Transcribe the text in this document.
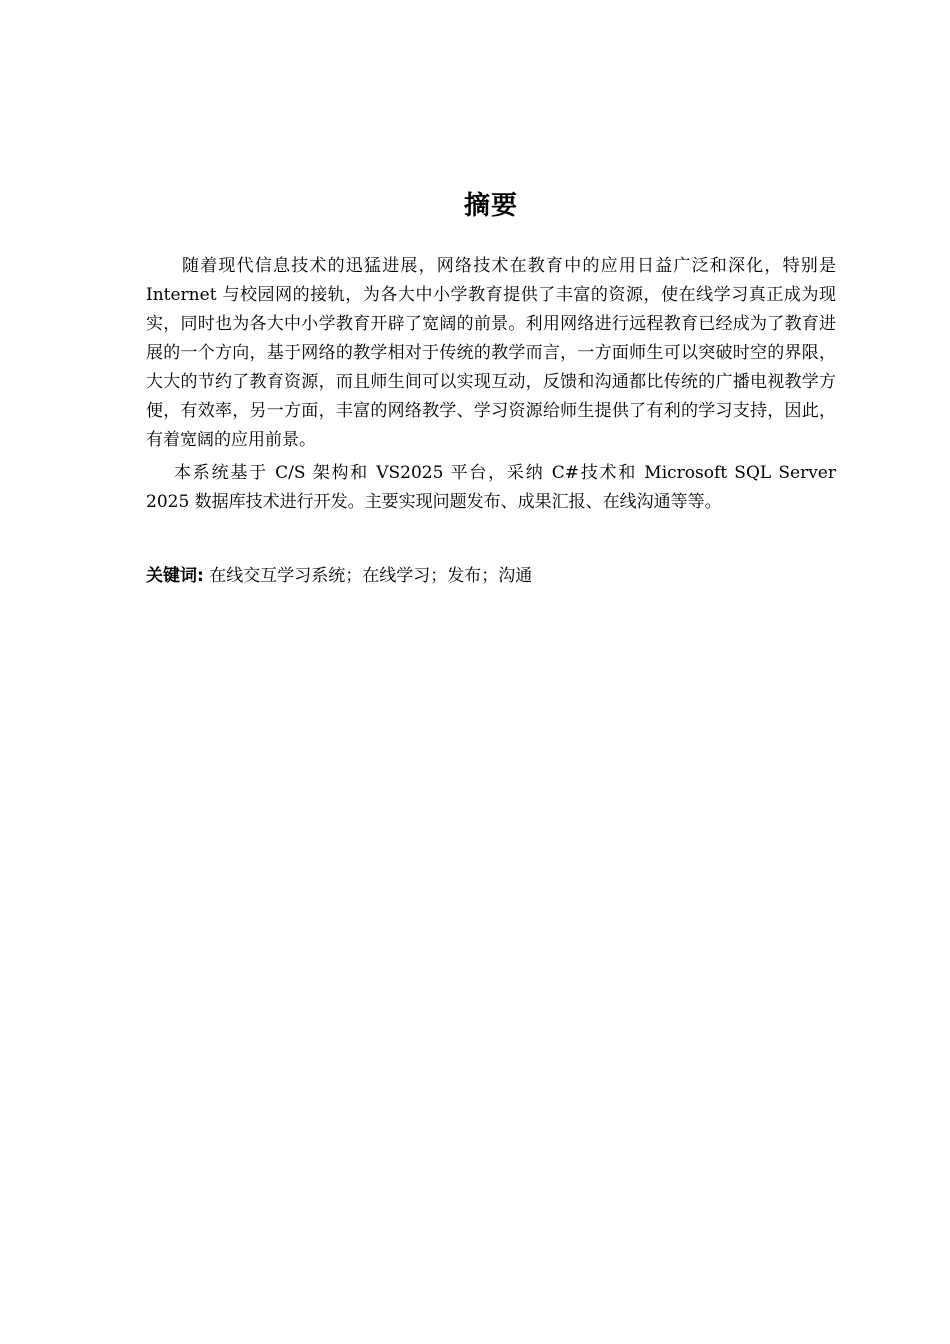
摘要

随着现代信息技术的迅猛进展，网络技术在教育中的应用日益广泛和深化，特别是 Internet 与校园网的接轨，为各大中小学教育提供了丰富的资源，使在线学习真正成为现实，同时也为各大中小学教育开辟了宽阔的前景。利用网络进行远程教育已经成为了教育进展的一个方向，基于网络的教学相对于传统的教学而言，一方面师生可以突破时空的界限，大大的节约了教育资源，而且师生间可以实现互动，反馈和沟通都比传统的广播电视教学方便，有效率，另一方面，丰富的网络教学、学习资源给师生提供了有利的学习支持，因此，有着宽阔的应用前景。

本系统基于 C/S 架构和 VS2025 平台，采纳 C#技术和 Microsoft SQL Server 2025 数据库技术进行开发。主要实现问题发布、成果汇报、在线沟通等等。

关键词: 在线交互学习系统；在线学习；发布；沟通
